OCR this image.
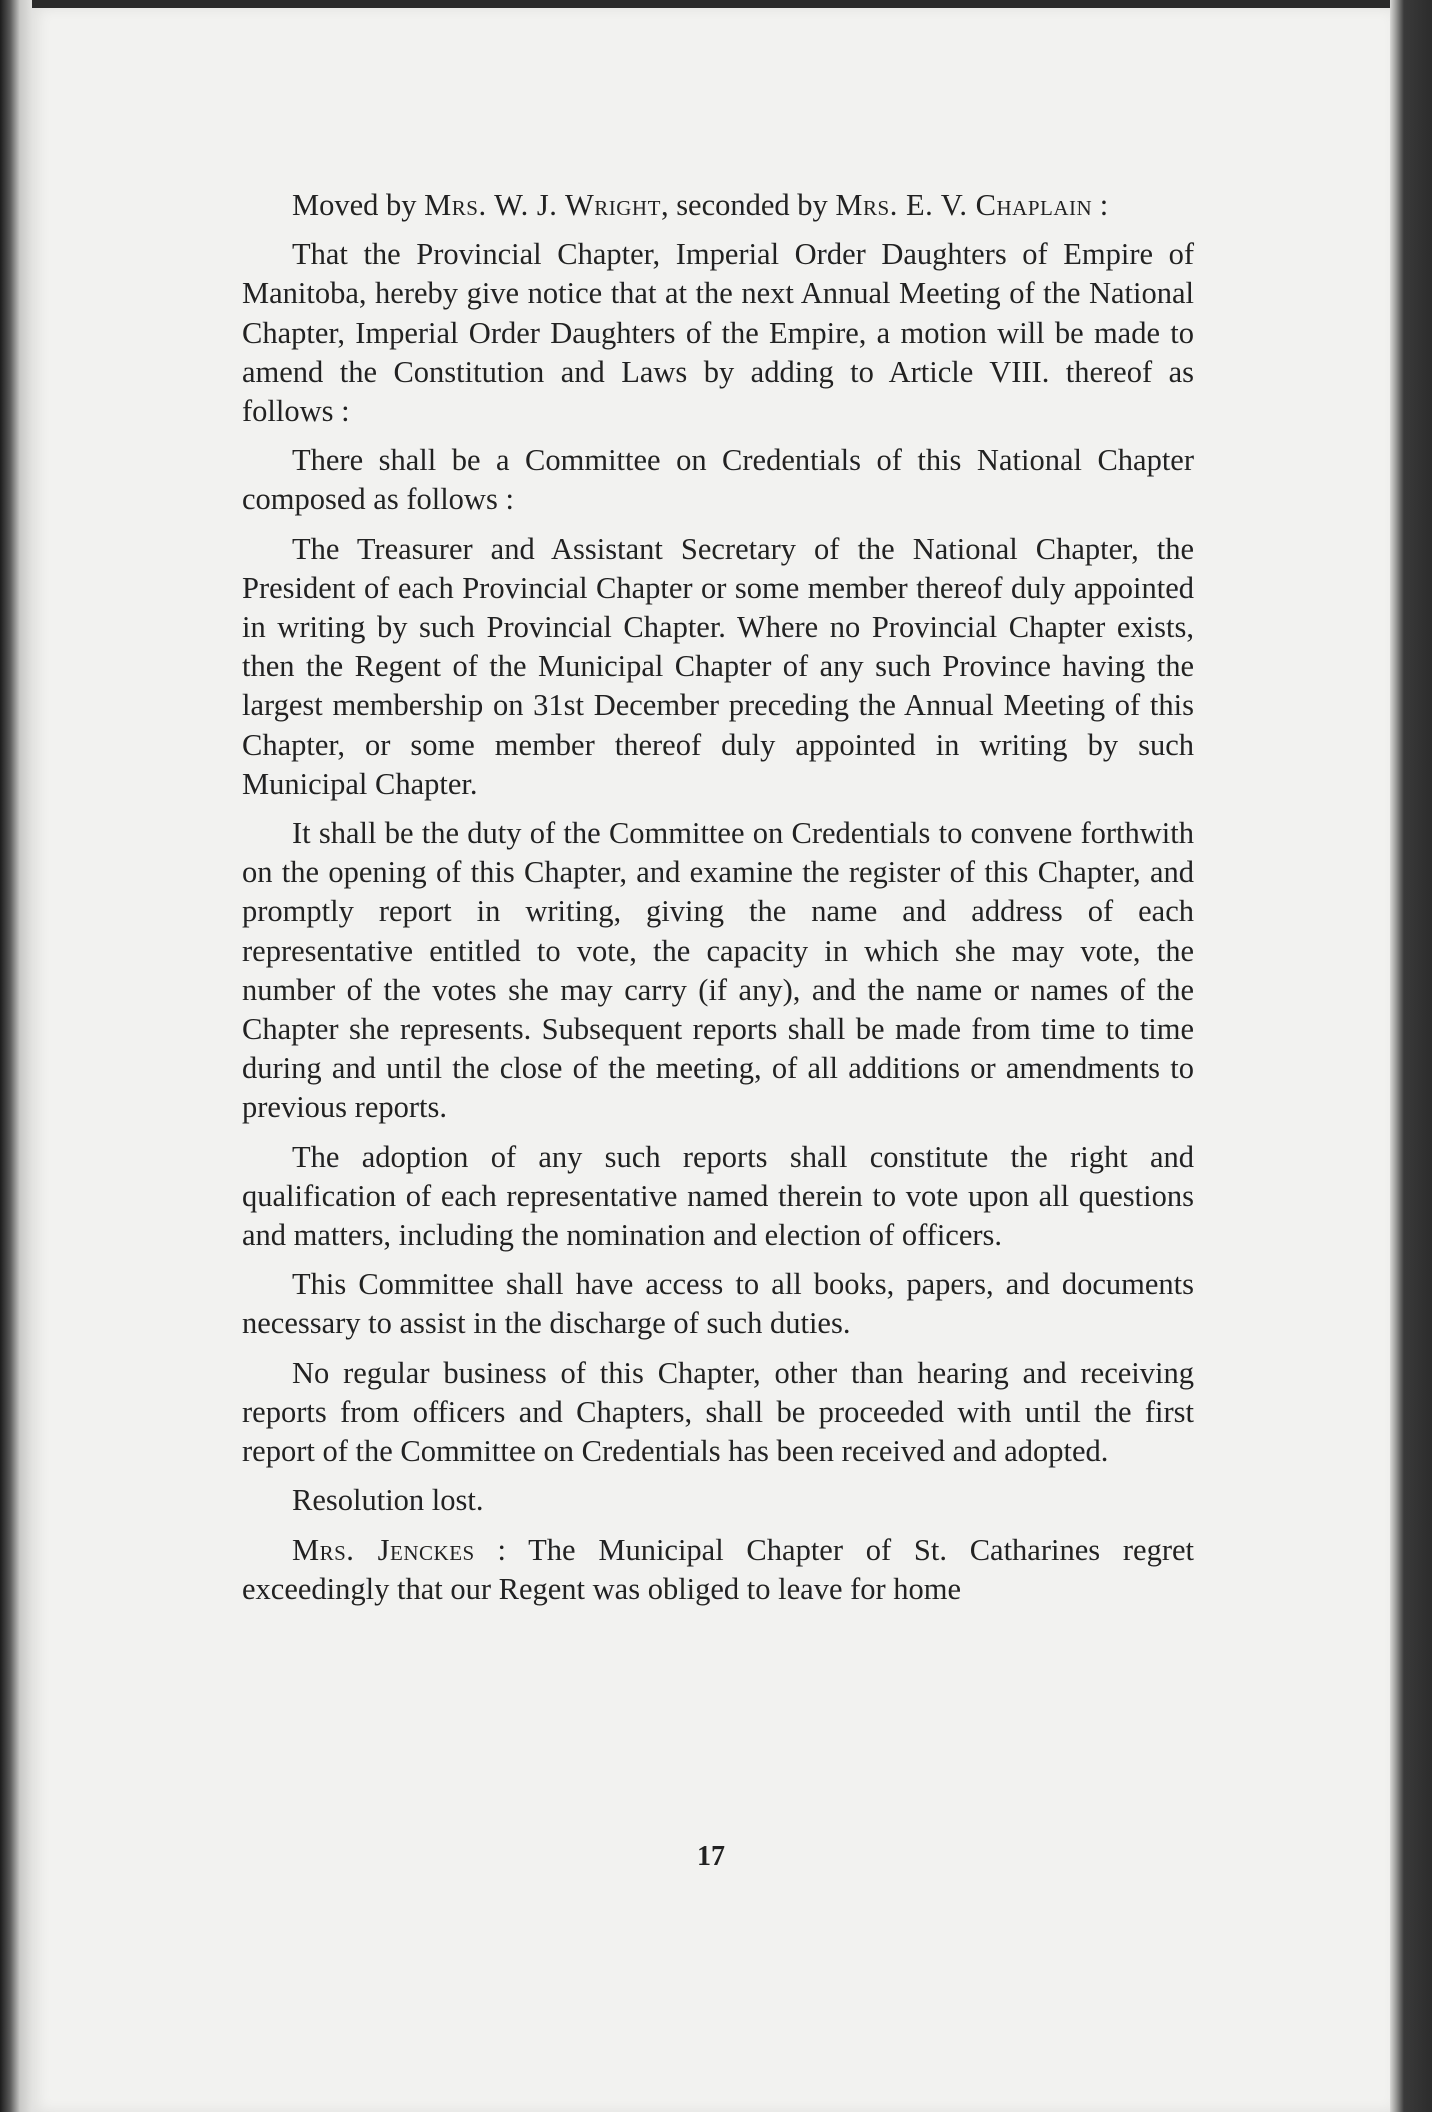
Moved by Mrs. W. J. Wright, seconded by Mrs. E. V. Chaplain :

That the Provincial Chapter, Imperial Order Daughters of Empire of Manitoba, hereby give notice that at the next Annual Meeting of the National Chapter, Imperial Order Daughters of the Empire, a motion will be made to amend the Constitution and Laws by adding to Article VIII. thereof as follows :

There shall be a Committee on Credentials of this National Chapter composed as follows :

The Treasurer and Assistant Secretary of the National Chapter, the President of each Provincial Chapter or some member thereof duly appointed in writing by such Provincial Chapter. Where no Provincial Chapter exists, then the Regent of the Municipal Chapter of any such Province having the largest membership on 31st December preceding the Annual Meeting of this Chapter, or some member thereof duly appointed in writing by such Municipal Chapter.

It shall be the duty of the Committee on Credentials to convene forthwith on the opening of this Chapter, and examine the register of this Chapter, and promptly report in writing, giving the name and address of each representative entitled to vote, the capacity in which she may vote, the number of the votes she may carry (if any), and the name or names of the Chapter she represents. Subsequent reports shall be made from time to time during and until the close of the meeting, of all additions or amendments to previous reports.

The adoption of any such reports shall constitute the right and qualification of each representative named therein to vote upon all questions and matters, including the nomination and election of officers.

This Committee shall have access to all books, papers, and documents necessary to assist in the discharge of such duties.

No regular business of this Chapter, other than hearing and receiving reports from officers and Chapters, shall be proceeded with until the first report of the Committee on Credentials has been received and adopted.

Resolution lost.

Mrs. Jenckes : The Municipal Chapter of St. Catharines regret exceedingly that our Regent was obliged to leave for home

17
